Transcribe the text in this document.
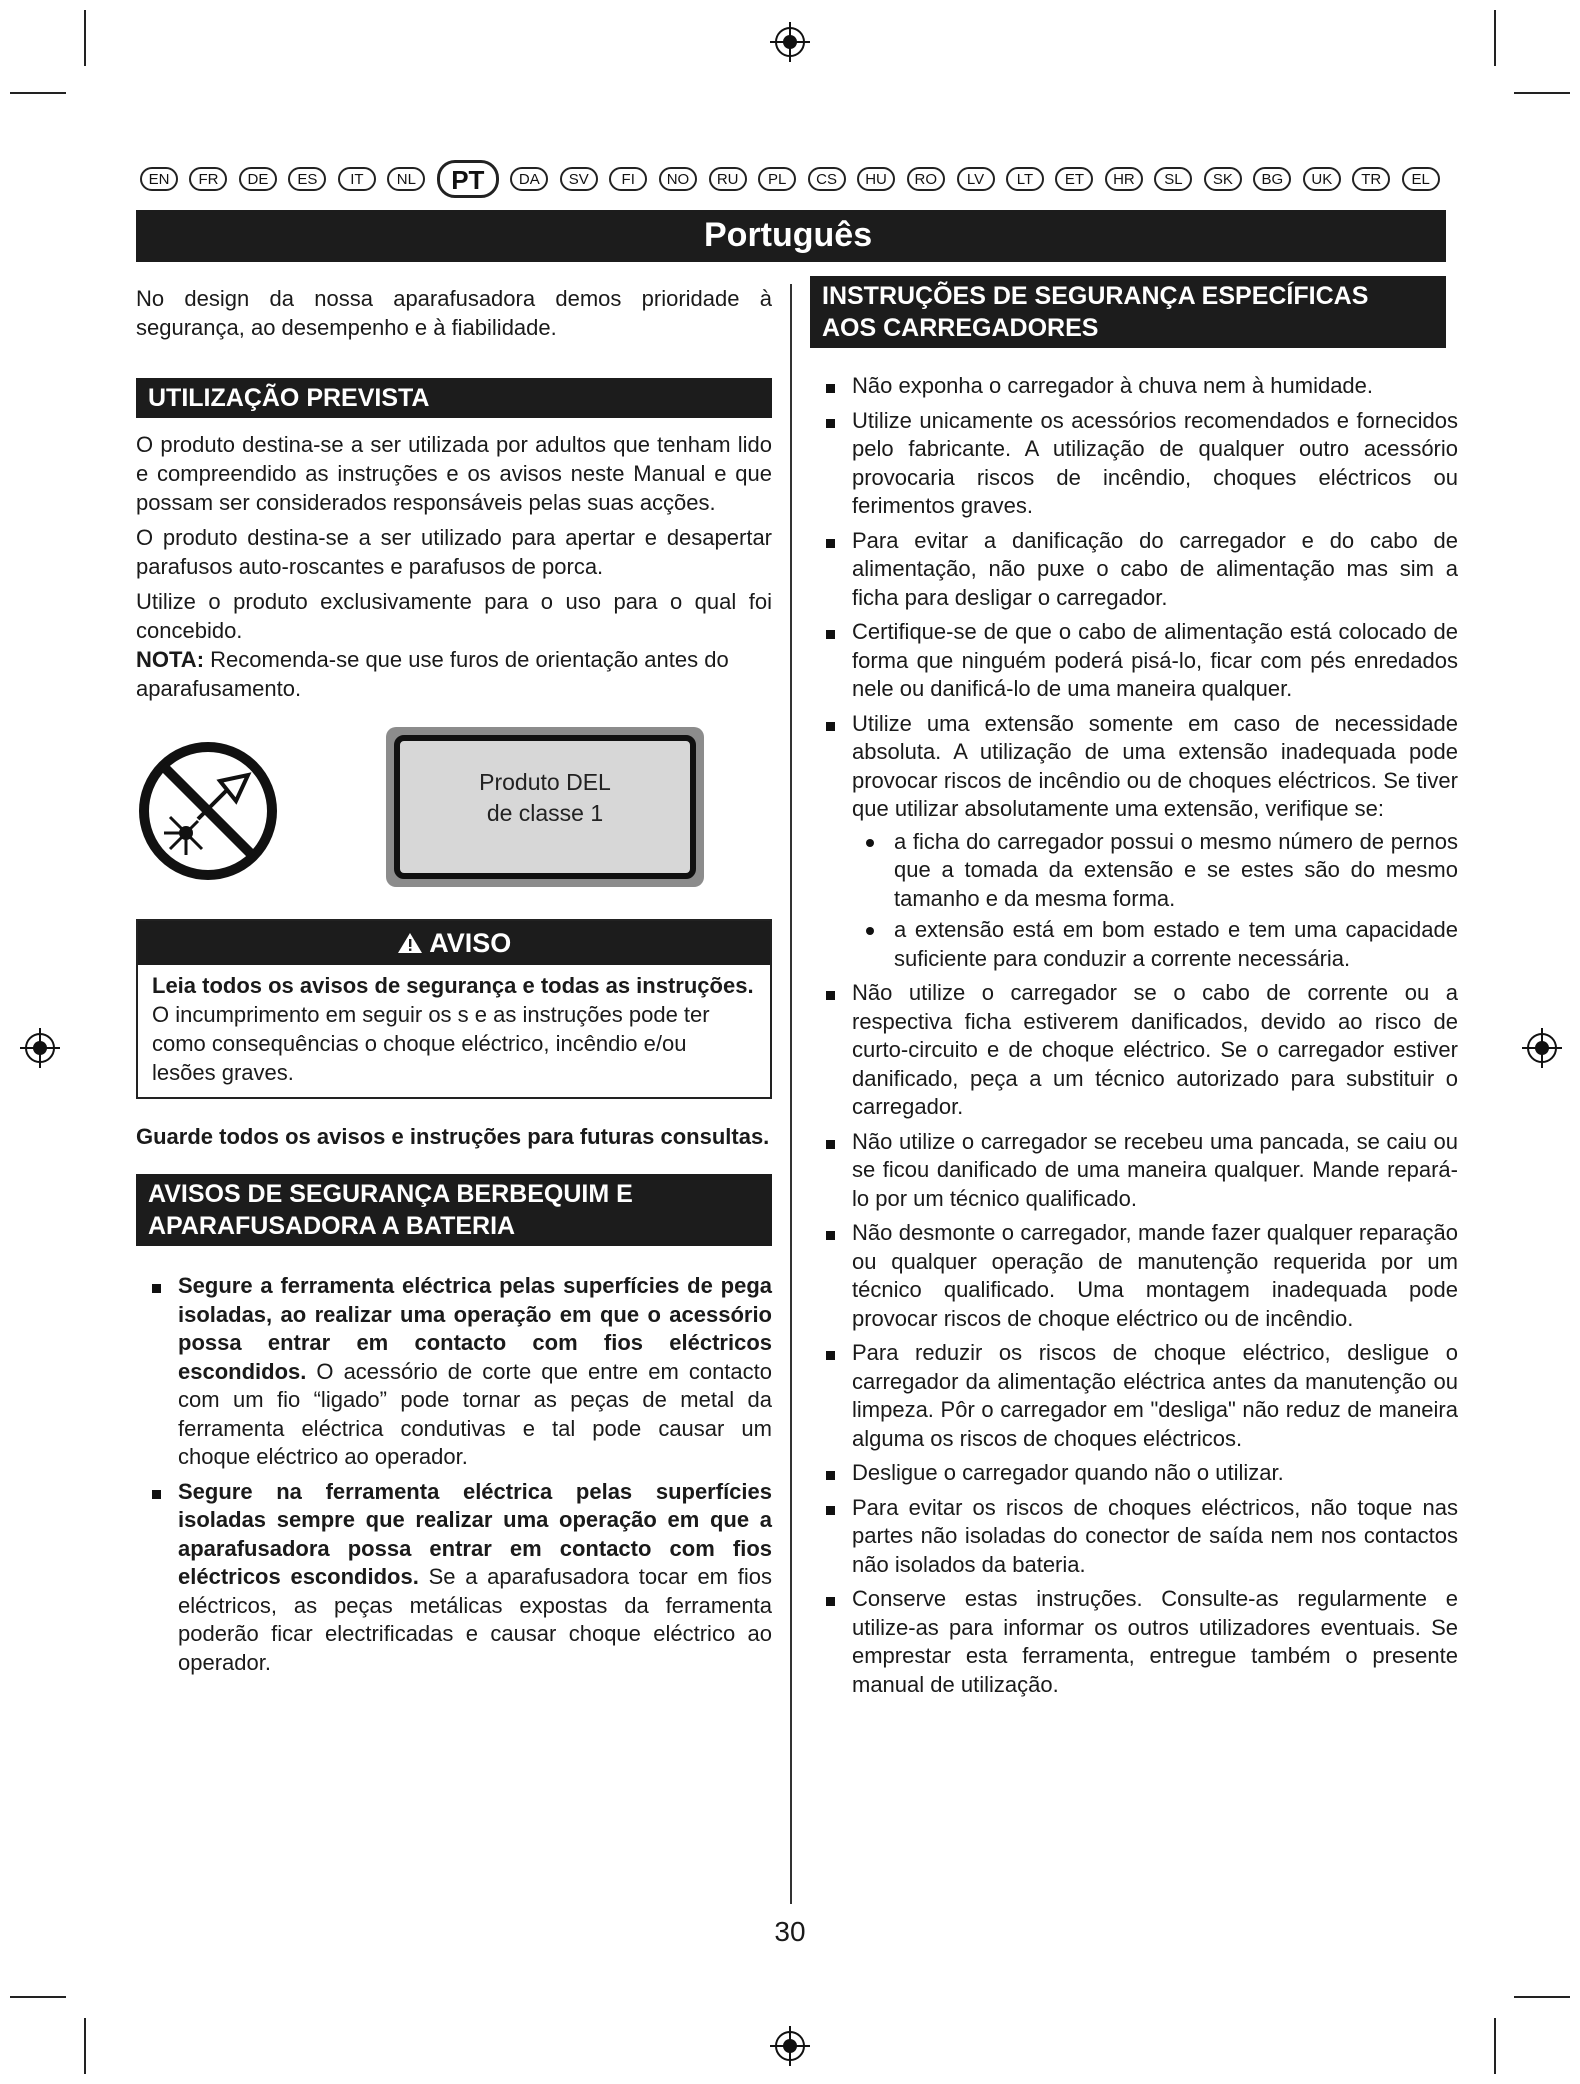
EN	FR	DE	ES	IT	NL	PT	DA	SV	FI	NO	RU	PL	CS	HU	RO	LV	LT	ET	HR	SL	SK	BG	UK	TR	EL
Português

No design da nossa aparafusadora demos prioridade à segurança, ao desempenho e à fiabilidade.

UTILIZAÇÃO PREVISTA

O produto destina-se a ser utilizada por adultos que tenham lido e compreendido as instruções e os avisos neste Manual e que possam ser considerados responsáveis pelas suas acções.

O produto destina-se a ser utilizado para apertar e desapertar parafusos auto-roscantes e parafusos de porca.

Utilize o produto exclusivamente para o uso para o qual foi concebido.

NOTA: Recomenda-se que use furos de orientação antes do aparafusamento.

Produto DEL
de classe 1
AVISO
Leia todos os avisos de segurança e todas as instruções. O incumprimento em seguir os s e as instruções pode ter como consequências o choque eléctrico, incêndio e/ou lesões graves.

Guarde todos os avisos e instruções para futuras consultas.

AVISOS DE SEGURANÇA BERBEQUIM E
APARAFUSADORA A BATERIA
Segure a ferramenta eléctrica pelas superfícies de pega isoladas, ao realizar uma operação em que o acessório possa entrar em contacto com fios eléctricos escondidos. O acessório de corte que entre em contacto com um fio “ligado” pode tornar as peças de metal da ferramenta eléctrica condutivas e tal pode causar um choque eléctrico ao operador.
Segure na ferramenta eléctrica pelas superfícies isoladas sempre que realizar uma operação em que a aparafusadora possa entrar em contacto com fios eléctricos escondidos. Se a aparafusadora tocar em fios eléctricos, as peças metálicas expostas da ferramenta poderão ficar electrificadas e causar choque eléctrico ao operador.
INSTRUÇÕES DE SEGURANÇA ESPECÍFICAS
AOS CARREGADORES
Não exponha o carregador à chuva nem à humidade.
Utilize unicamente os acessórios recomendados e fornecidos pelo fabricante. A utilização de qualquer outro acessório provocaria riscos de incêndio, choques eléctricos ou ferimentos graves.
Para evitar a danificação do carregador e do cabo de alimentação, não puxe o cabo de alimentação mas sim a ficha para desligar o carregador.
Certifique-se de que o cabo de alimentação está colocado de forma que ninguém poderá pisá-lo, ficar com pés enredados nele ou danificá-lo de uma maneira qualquer.
Utilize uma extensão somente em caso de necessidade absoluta. A utilização de uma extensão inadequada pode provocar riscos de incêndio ou de choques eléctricos. Se tiver que utilizar absolutamente uma extensão, verifique se:
a ficha do carregador possui o mesmo número de pernos que a tomada da extensão e se estes são do mesmo tamanho e da mesma forma.
a extensão está em bom estado e tem uma capacidade suficiente para conduzir a corrente necessária.
Não utilize o carregador se o cabo de corrente ou a respectiva ficha estiverem danificados, devido ao risco de curto-circuito e de choque eléctrico. Se o carregador estiver danificado, peça a um técnico autorizado para substituir o carregador.
Não utilize o carregador se recebeu uma pancada, se caiu ou se ficou danificado de uma maneira qualquer. Mande repará-lo por um técnico qualificado.
Não desmonte o carregador, mande fazer qualquer reparação ou qualquer operação de manutenção requerida por um técnico qualificado. Uma montagem inadequada pode provocar riscos de choque eléctrico ou de incêndio.
Para reduzir os riscos de choque eléctrico, desligue o carregador da alimentação eléctrica antes da manutenção ou limpeza. Pôr o carregador em "desliga" não reduz de maneira alguma os riscos de choques eléctricos.
Desligue o carregador quando não o utilizar.
Para evitar os riscos de choques eléctricos, não toque nas partes não isoladas do conector de saída nem nos contactos não isolados da bateria.
Conserve estas instruções. Consulte-as regularmente e utilize-as para informar os outros utilizadores eventuais. Se emprestar esta ferramenta, entregue também o presente manual de utilização.
30
